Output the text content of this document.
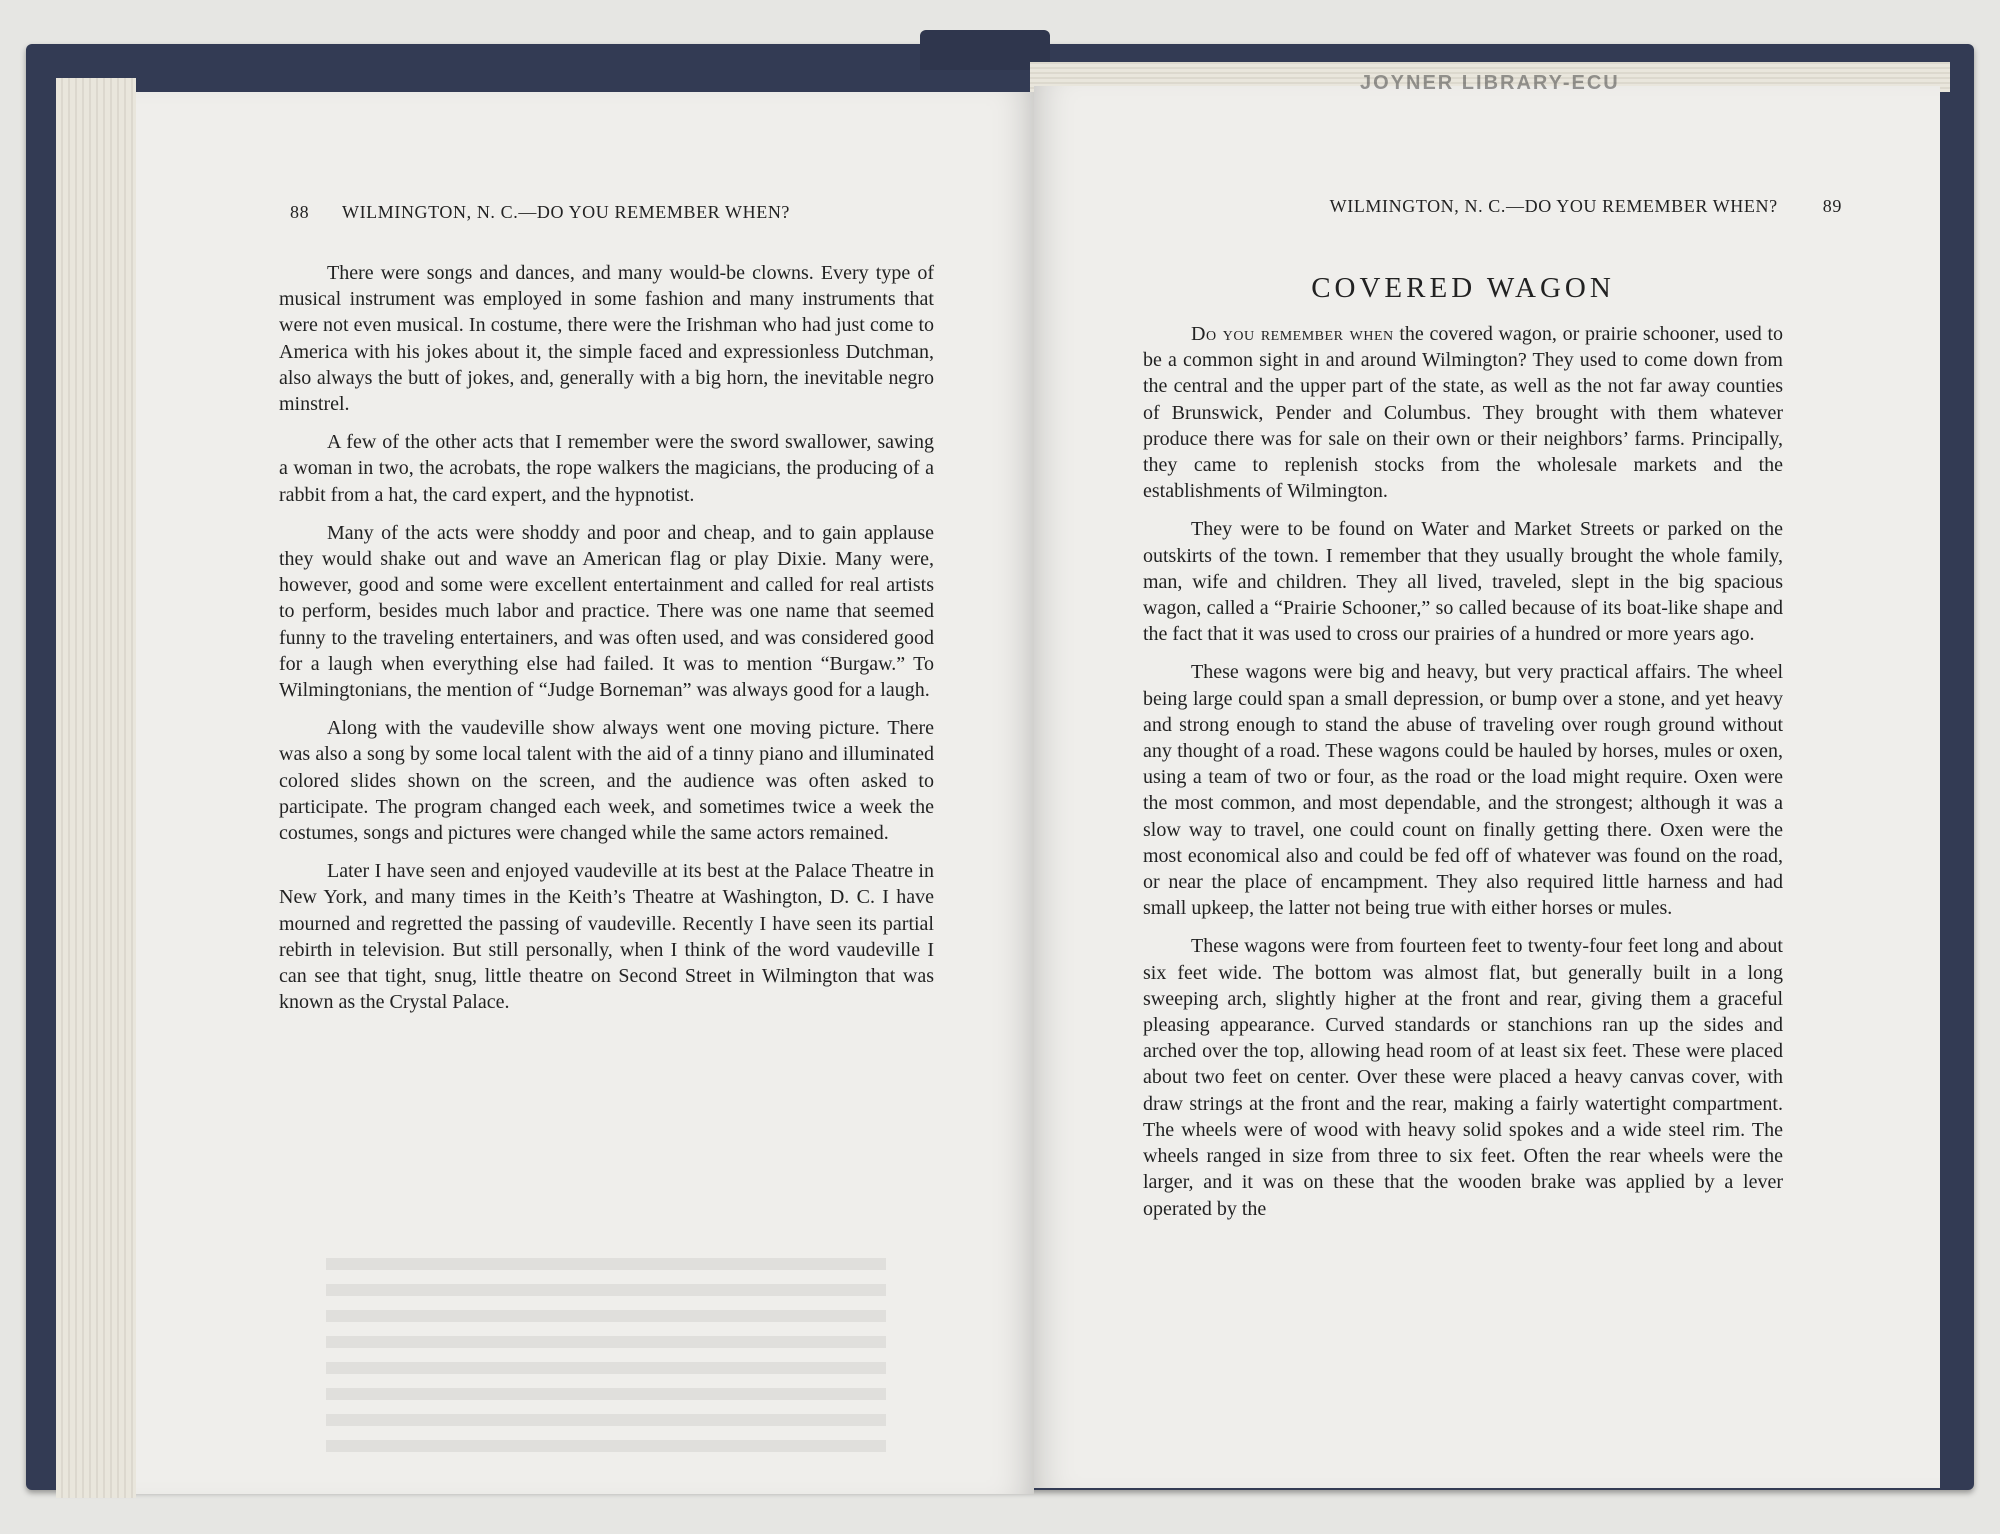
88 WILMINGTON, N. C.—DO YOU REMEMBER WHEN?

There were songs and dances, and many would-be clowns. Every type of musical instrument was employed in some fashion and many instruments that were not even musical. In costume, there were the Irishman who had just come to America with his jokes about it, the simple faced and expressionless Dutchman, also always the butt of jokes, and, generally with a big horn, the inevitable negro minstrel.

A few of the other acts that I remember were the sword swallower, sawing a woman in two, the acrobats, the rope walkers the magicians, the producing of a rabbit from a hat, the card expert, and the hypnotist.

Many of the acts were shoddy and poor and cheap, and to gain applause they would shake out and wave an American flag or play Dixie. Many were, however, good and some were excellent entertainment and called for real artists to perform, besides much labor and practice. There was one name that seemed funny to the traveling entertainers, and was often used, and was considered good for a laugh when everything else had failed. It was to mention “Burgaw.” To Wilmingtonians, the mention of “Judge Borneman” was always good for a laugh.

Along with the vaudeville show always went one moving picture. There was also a song by some local talent with the aid of a tinny piano and illuminated colored slides shown on the screen, and the audience was often asked to participate. The program changed each week, and sometimes twice a week the costumes, songs and pictures were changed while the same actors remained.

Later I have seen and enjoyed vaudeville at its best at the Palace Theatre in New York, and many times in the Keith’s Theatre at Washington, D. C. I have mourned and regretted the passing of vaudeville. Recently I have seen its partial rebirth in television. But still personally, when I think of the word vaudeville I can see that tight, snug, little theatre on Second Street in Wilmington that was known as the Crystal Palace.

WILMINGTON, N. C.—DO YOU REMEMBER WHEN?	89
COVERED WAGON

Do you remember when the covered wagon, or prairie schooner, used to be a common sight in and around Wilmington? They used to come down from the central and the upper part of the state, as well as the not far away counties of Brunswick, Pender and Columbus. They brought with them whatever produce there was for sale on their own or their neighbors’ farms. Principally, they came to replenish stocks from the wholesale markets and the establishments of Wilmington.

They were to be found on Water and Market Streets or parked on the outskirts of the town. I remember that they usually brought the whole family, man, wife and children. They all lived, traveled, slept in the big spacious wagon, called a “Prairie Schooner,” so called because of its boat-like shape and the fact that it was used to cross our prairies of a hundred or more years ago.

These wagons were big and heavy, but very practical affairs. The wheel being large could span a small depression, or bump over a stone, and yet heavy and strong enough to stand the abuse of traveling over rough ground without any thought of a road. These wagons could be hauled by horses, mules or oxen, using a team of two or four, as the road or the load might require. Oxen were the most common, and most dependable, and the strongest; although it was a slow way to travel, one could count on finally getting there. Oxen were the most economical also and could be fed off of whatever was found on the road, or near the place of encampment. They also required little harness and had small upkeep, the latter not being true with either horses or mules.

These wagons were from fourteen feet to twenty-four feet long and about six feet wide. The bottom was almost flat, but generally built in a long sweeping arch, slightly higher at the front and rear, giving them a graceful pleasing appearance. Curved standards or stanchions ran up the sides and arched over the top, allowing head room of at least six feet. These were placed about two feet on center. Over these were placed a heavy canvas cover, with draw strings at the front and the rear, making a fairly watertight compartment. The wheels were of wood with heavy solid spokes and a wide steel rim. The wheels ranged in size from three to six feet. Often the rear wheels were the larger, and it was on these that the wooden brake was applied by a lever operated by the

JOYNER LIBRARY-ECU
